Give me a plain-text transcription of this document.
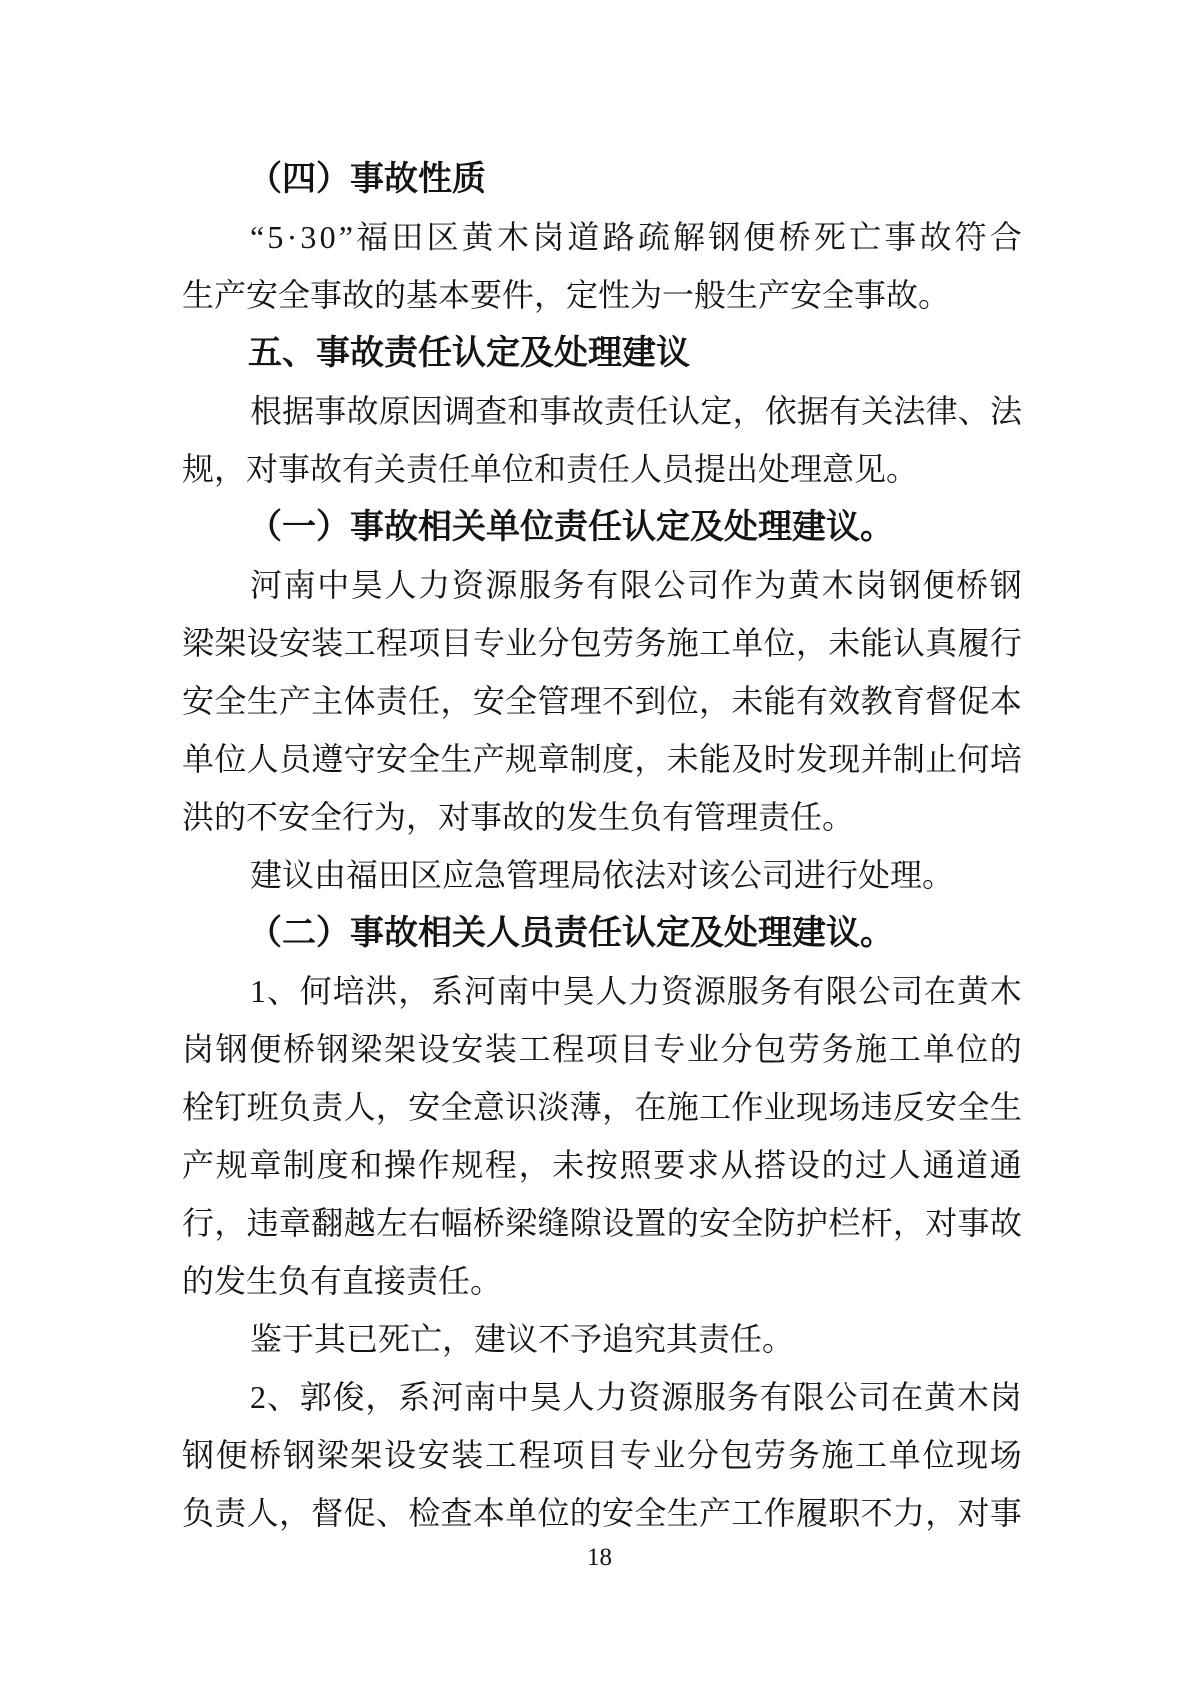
（四）事故性质
“ 5 · 3 0 ” 福 田 区 黄 木 岗 道 路 疏 解 钢 便 桥 死 亡 事 故 符 合
生产安全事故的基本要件，定性为一般生产安全事故。
五、事故责任认定及处理建议
根 据 事 故 原 因 调 查 和 事 故 责 任 认 定 ， 依 据 有 关 法 律 、 法
规，对事故有关责任单位和责任人员提出处理意见。
（一）事故相关单位责任认定及处理建议。
河 南 中 昊 人 力 资 源 服 务 有 限 公 司 作 为 黄 木 岗 钢 便 桥 钢
梁 架 设 安 装 工 程 项 目 专 业 分 包 劳 务 施 工 单 位 ， 未 能 认 真 履 行
安 全 生 产 主 体 责 任 ， 安 全 管 理 不 到 位 ， 未 能 有 效 教 育 督 促 本
单 位 人 员 遵 守 安 全 生 产 规 章 制 度 ， 未 能 及 时 发 现 并 制 止 何 培
洪的不安全行为，对事故的发生负有管理责任。
建议由福田区应急管理局依法对该公司进行处理。
（二）事故相关人员责任认定及处理建议。
1 、 何 培 洪 ， 系 河 南 中 昊 人 力 资 源 服 务 有 限 公 司 在 黄 木
岗 钢 便 桥 钢 梁 架 设 安 装 工 程 项 目 专 业 分 包 劳 务 施 工 单 位 的
栓 钉 班 负 责 人 ， 安 全 意 识 淡 薄 ， 在 施 工 作 业 现 场 违 反 安 全 生
产 规 章 制 度 和 操 作 规 程 ， 未 按 照 要 求 从 搭 设 的 过 人 通 道 通
行 ， 违 章 翻 越 左 右 幅 桥 梁 缝 隙 设 置 的 安 全 防 护 栏 杆 ， 对 事 故
的发生负有直接责任。
鉴于其已死亡，建议不予追究其责任。
2 、 郭 俊 ， 系 河 南 中 昊 人 力 资 源 服 务 有 限 公 司 在 黄 木 岗
钢 便 桥 钢 梁 架 设 安 装 工 程 项 目 专 业 分 包 劳 务 施 工 单 位 现 场
负 责 人 ， 督 促 、 检 查 本 单 位 的 安 全 生 产 工 作 履 职 不 力 ， 对 事
18
